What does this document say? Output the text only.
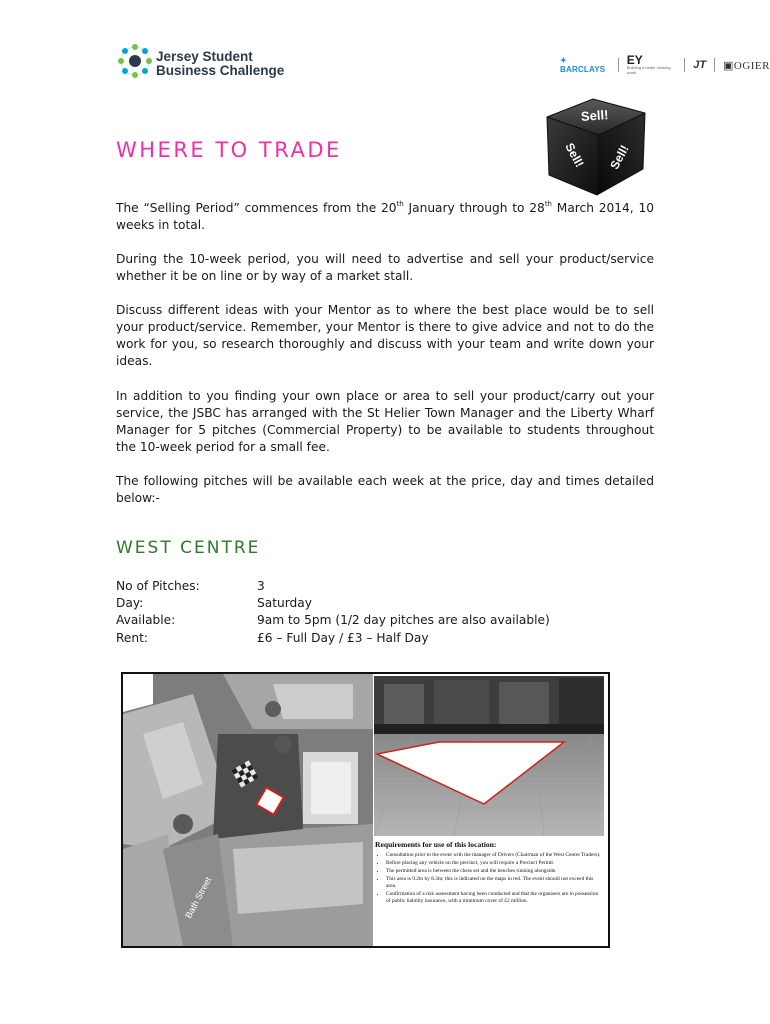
Jersey Student
Business Challenge
✦ BARCLAYS
EY
Building a better working world
JT ▣OGIER
Sell!
Sell! Sell!
WHERE TO TRADE

The “Selling Period” commences from the 20th January through to 28th March 2014, 10 weeks in total.

During the 10-week period, you will need to advertise and sell your product/service whether it be on line or by way of a market stall.

Discuss different ideas with your Mentor as to where the best place would be to sell your product/service. Remember, your Mentor is there to give advice and not to do the work for you, so research thoroughly and discuss with your team and write down your ideas.

In addition to you finding your own place or area to sell your product/carry out your service, the JSBC has arranged with the St Helier Town Manager and the Liberty Wharf Manager for 5 pitches (Commercial Property) to be available to students throughout the 10-week period for a small fee.

The following pitches will be available each week at the price, day and times detailed below:-

WEST CENTRE
No of Pitches:	3
Day:	Saturday
Available:	9am to 5pm (1/2 day pitches are also available)
Rent:	£6 – Full Day / £3 – Half Day
Bath Street
Requirements for use of this location:
• Consultation prior to the event with the manager of Drivers (Chairman of the West Centre Traders).
• Before placing any vehicle on the precinct, you will require a Precinct Permit.
• The permitted area is between the chess set and the benches running alongside.
• This area is 9.2m by 8.3m; this is indicated on the maps in red. The event should not exceed this area.
• Confirmation of a risk assessment having been conducted and that the organisers are in possession of public liability insurance, with a minimum cover of £2 million.
